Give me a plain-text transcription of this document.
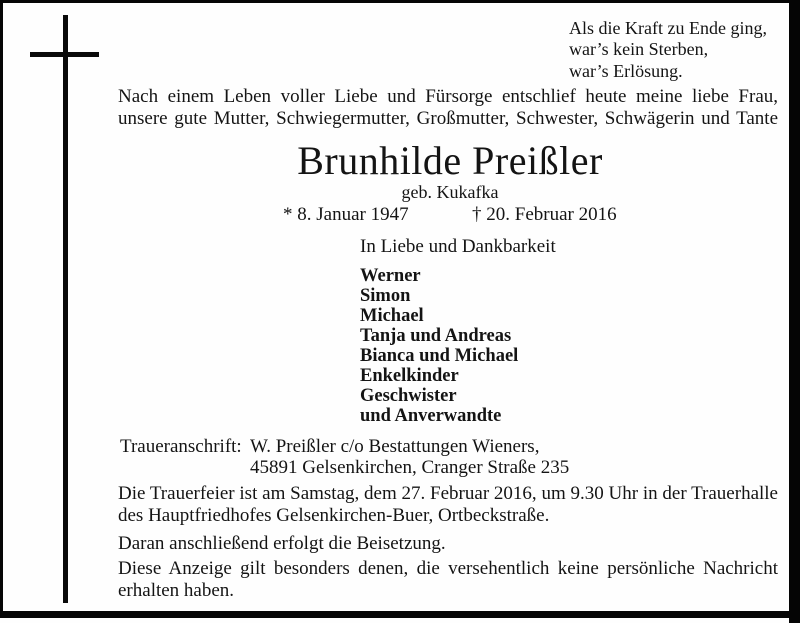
Als die Kraft zu Ende ging,
war’s kein Sterben,
war’s Erlösung.
Nach einem Leben voller Liebe und Fürsorge entschlief heute meine liebe Frau,
unsere gute Mutter, Schwiegermutter, Großmutter, Schwester, Schwägerin und Tante
Brunhilde Preißler
geb. Kukafka
* 8. Januar 1947	† 20. Februar 2016
In Liebe und Dankbarkeit
Werner
Simon
Michael
Tanja und Andreas
Bianca und Michael
Enkelkinder
Geschwister
und Anverwandte
Traueranschrift: W. Preißler c/o Bestattungen Wieners,
45891 Gelsenkirchen, Cranger Straße 235
Die Trauerfeier ist am Samstag, dem 27. Februar 2016, um 9.30 Uhr in der Trauerhalle
des Hauptfriedhofes Gelsenkirchen-Buer, Ortbeckstraße.
Daran anschließend erfolgt die Beisetzung.
Diese Anzeige gilt besonders denen, die versehentlich keine persönliche Nachricht
erhalten haben.
